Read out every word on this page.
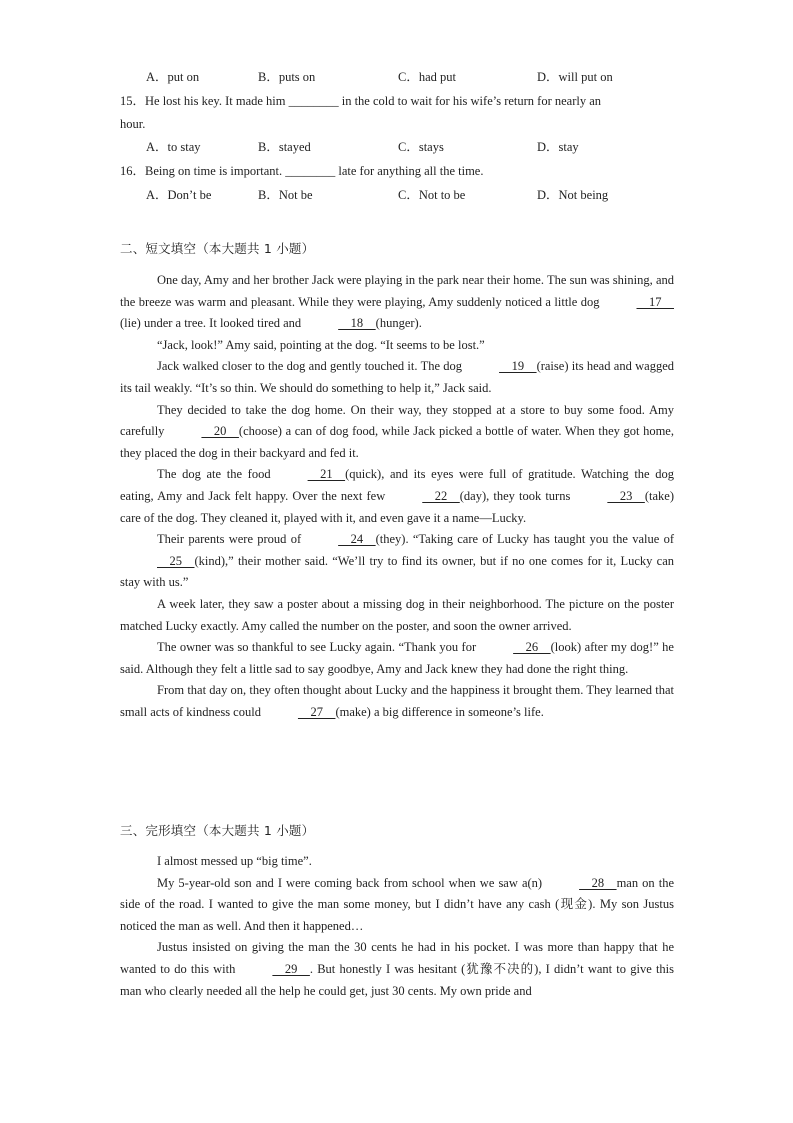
A．put on	B．puts on	C．had put	D．will put on
15．He lost his key. It made him ________ in the cold to wait for his wife’s return for nearly an
hour.
A．to stay	B．stayed	C．stays	D．stay
16．Being on time is important. ________ late for anything all the time.
A．Don’t be	B．Not be	C．Not to be	D．Not being
二、短文填空（本大题共 1 小题）

One day, Amy and her brother Jack were playing in the park near their home. The sun was shining, and the breeze was warm and pleasant. While they were playing, Amy suddenly noticed a little dog	17    (lie) under a tree. It looked tired and	18    (hunger).

“Jack, look!” Amy said, pointing at the dog. “It seems to be lost.”

Jack walked closer to the dog and gently touched it. The dog	19    (raise) its head and wagged its tail weakly. “It’s so thin. We should do something to help it,” Jack said.

They decided to take the dog home. On their way, they stopped at a store to buy some food. Amy carefully	20    (choose) a can of dog food, while Jack picked a bottle of water. When they got home, they placed the dog in their backyard and fed it.

The dog ate the food	21    (quick), and its eyes were full of gratitude. Watching the dog eating, Amy and Jack felt happy. Over the next few	22    (day), they took turns	23    (take) care of the dog. They cleaned it, played with it, and even gave it a name—Lucky.

Their parents were proud of	24    (they). “Taking care of Lucky has taught you the value of    25    (kind),” their mother said. “We’ll try to find its owner, but if no one comes for it, Lucky can stay with us.”

A week later, they saw a poster about a missing dog in their neighborhood. The picture on the poster matched Lucky exactly. Amy called the number on the poster, and soon the owner arrived.

The owner was so thankful to see Lucky again. “Thank you for	26    (look) after my dog!” he said. Although they felt a little sad to say goodbye, Amy and Jack knew they had done the right thing.

From that day on, they often thought about Lucky and the happiness it brought them. They learned that small acts of kindness could	27    (make) a big difference in someone’s life.

三、完形填空（本大题共 1 小题）

I almost messed up “big time”.

My 5-year-old son and I were coming back from school when we saw a(n)	28    man on the side of the road. I wanted to give the man some money, but I didn’t have any cash (现金). My son Justus noticed the man as well. And then it happened…

Justus insisted on giving the man the 30 cents he had in his pocket. I was more than happy that he wanted to do this with	29    . But honestly I was hesitant (犹豫不决的), I didn’t want to give this man who clearly needed all the help he could get, just 30 cents. My own pride and
